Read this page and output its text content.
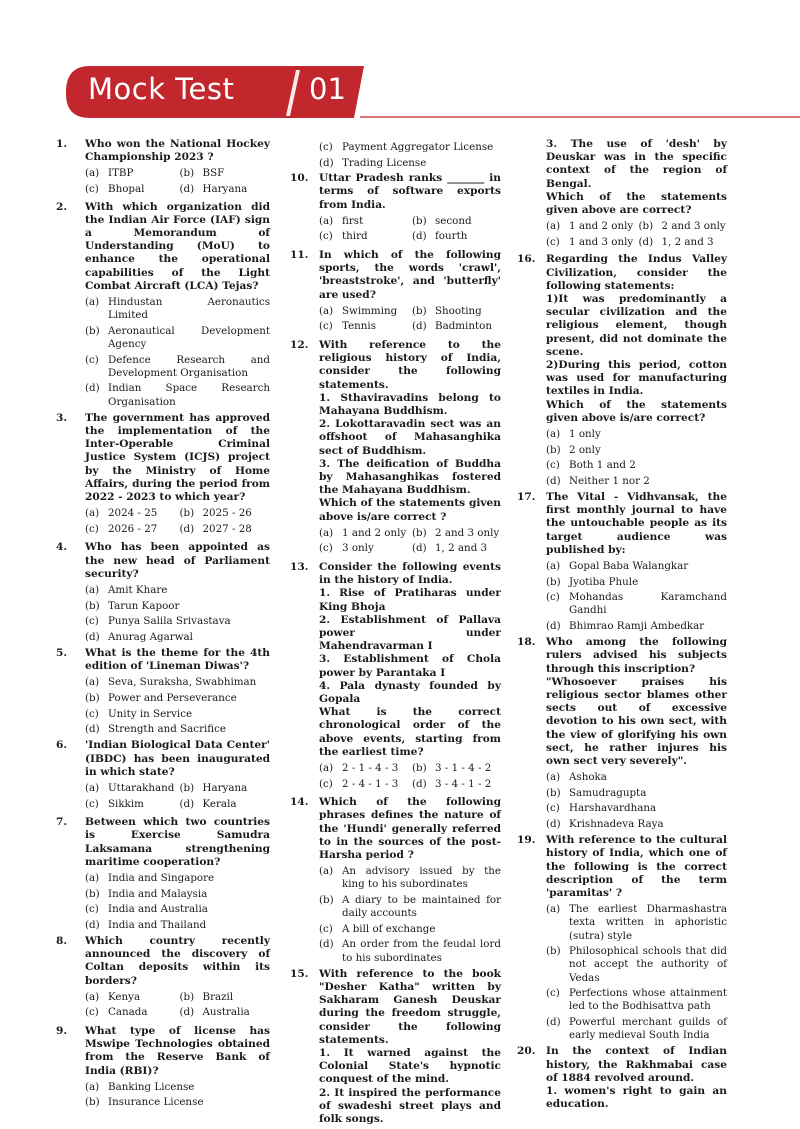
Mock Test	01
1. Who won the National Hockey Championship 2023 ?
(a) ITBP	(b) BSF
(c) Bhopal	(d) Haryana
2. With which organization did the Indian Air Force (IAF) sign a Memorandum of Understanding (MoU) to enhance the operational capabilities of the Light Combat Aircraft (LCA) Tejas?
(a) Hindustan Aeronautics Limited
(b) Aeronautical Development Agency
(c) Defence Research and Development Organisation
(d) Indian Space Research Organisation
3. The government has approved the implementation of the Inter-Operable Criminal Justice System (ICJS) project by the Ministry of Home Affairs, during the period from 2022 - 2023 to which year?
(a) 2024 - 25	(b) 2025 - 26
(c) 2026 - 27	(d) 2027 - 28
4. Who has been appointed as the new head of Parliament security?
(a) Amit Khare
(b) Tarun Kapoor
(c) Punya Salila Srivastava
(d) Anurag Agarwal
5. What is the theme for the 4th edition of 'Lineman Diwas'?
(a) Seva, Suraksha, Swabhiman
(b) Power and Perseverance
(c) Unity in Service
(d) Strength and Sacrifice
6. 'Indian Biological Data Center' (IBDC) has been inaugurated in which state?
(a) Uttarakhand (b) Haryana
(c) Sikkim	(d) Kerala
7. Between which two countries is Exercise Samudra Laksamana strengthening maritime cooperation?
(a) India and Singapore
(b) India and Malaysia
(c) India and Australia
(d) India and Thailand
8. Which country recently announced the discovery of Coltan deposits within its borders?
(a) Kenya	(b) Brazil
(c) Canada	(d) Australia
9. What type of license has Mswipe Technologies obtained from the Reserve Bank of India (RBI)?
(a) Banking License
(b) Insurance License
(c) Payment Aggregator License
(d) Trading License
10. Uttar Pradesh ranks _______ in terms of software exports from India.
(a) first	(b) second
(c) third	(d) fourth
11. In which of the following sports, the words 'crawl', 'breaststroke', and 'butterfly' are used?
(a) Swimming	(b) Shooting
(c) Tennis	(d) Badminton
12. With reference to the religious history of India, consider the following statements.
1. Sthaviravadins belong to Mahayana Buddhism.
2. Lokottaravadin sect was an offshoot of Mahasanghika sect of Buddhism.
3. The deification of Buddha by Mahasanghikas fostered the Mahayana Buddhism.
Which of the statements given above is/are correct ?
(a) 1 and 2 only (b) 2 and 3 only
(c) 3 only	(d) 1, 2 and 3
13. Consider the following events in the history of India.
1. Rise of Pratiharas under King Bhoja
2. Establishment of Pallava power under Mahendravarman I
3. Establishment of Chola power by Parantaka I
4. Pala dynasty founded by Gopala
What is the correct chronological order of the above events, starting from the earliest time?
(a) 2 - 1 - 4 - 3	(b) 3 - 1 - 4 - 2
(c) 2 - 4 - 1 - 3	(d) 3 - 4 - 1 - 2
14. Which of the following phrases defines the nature of the 'Hundi' generally referred to in the sources of the post-Harsha period ?
(a) An advisory issued by the king to his subordinates
(b) A diary to be maintained for daily accounts
(c) A bill of exchange
(d) An order from the feudal lord to his subordinates
15. With reference to the book "Desher Katha" written by Sakharam Ganesh Deuskar during the freedom struggle, consider the following statements.
1. It warned against the Colonial State's hypnotic conquest of the mind.
2. It inspired the performance of swadeshi street plays and folk songs.
3. The use of 'desh' by Deuskar was in the specific context of the region of Bengal.
Which of the statements given above are correct?
(a) 1 and 2 only (b) 2 and 3 only
(c) 1 and 3 only (d) 1, 2 and 3
16. Regarding the Indus Valley Civilization, consider the following statements:
1)It was predominantly a secular civilization and the religious element, though present, did not dominate the scene.
2)During this period, cotton was used for manufacturing textiles in India.
Which of the statements given above is/are correct?
(a) 1 only
(b) 2 only
(c) Both 1 and 2
(d) Neither 1 nor 2
17. The Vital - Vidhvansak, the first monthly journal to have the untouchable people as its target audience was published by:
(a) Gopal Baba Walangkar
(b) Jyotiba Phule
(c) Mohandas Karamchand Gandhi
(d) Bhimrao Ramji Ambedkar
18. Who among the following rulers advised his subjects through this inscription?
"Whosoever praises his religious sector blames other sects out of excessive devotion to his own sect, with the view of glorifying his own sect, he rather injures his own sect very severely".
(a) Ashoka
(b) Samudragupta
(c) Harshavardhana
(d) Krishnadeva Raya
19. With reference to the cultural history of India, which one of the following is the correct description of the term 'paramitas' ?
(a) The earliest Dharmashastra texta written in aphoristic (sutra) style
(b) Philosophical schools that did not accept the authority of Vedas
(c) Perfections whose attainment led to the Bodhisattva path
(d) Powerful merchant guilds of early medieval South India
20. In the context of Indian history, the Rakhmabai case of 1884 revolved around.
1. women's right to gain an education.
